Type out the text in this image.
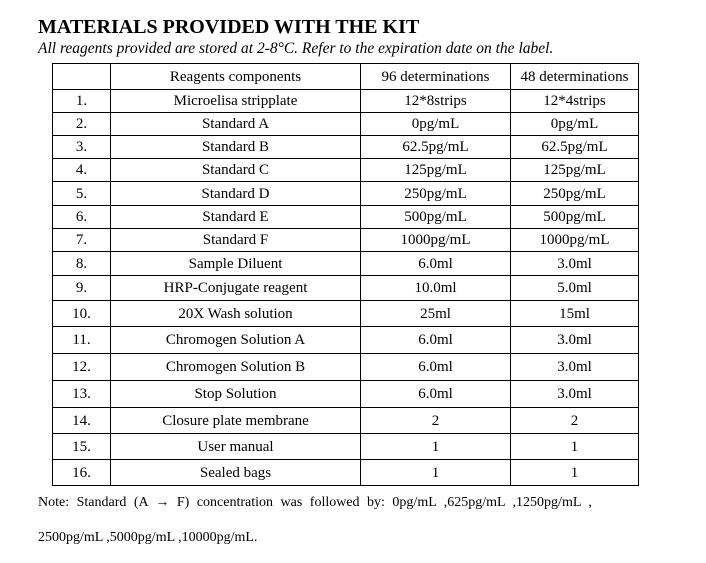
MATERIALS PROVIDED WITH THE KIT
All reagents provided are stored at 2-8°C. Refer to the expiration date on the label.
	Reagents components	96 determinations	48 determinations
1.	Microelisa stripplate	12*8strips	12*4strips
2.	Standard A	0pg/mL	0pg/mL
3.	Standard B	62.5pg/mL	62.5pg/mL
4.	Standard C	125pg/mL	125pg/mL
5.	Standard D	250pg/mL	250pg/mL
6.	Standard E	500pg/mL	500pg/mL
7.	Standard F	1000pg/mL	1000pg/mL
8.	Sample Diluent	6.0ml	3.0ml
9.	HRP-Conjugate reagent	10.0ml	5.0ml
10.	20X Wash solution	25ml	15ml
11.	Chromogen Solution A	6.0ml	3.0ml
12.	Chromogen Solution B	6.0ml	3.0ml
13.	Stop Solution	6.0ml	3.0ml
14.	Closure plate membrane	2	2
15.	User manual	1	1
16.	Sealed bags	1	1
Note: Standard (A → F) concentration was followed by: 0pg/mL ,625pg/mL ,1250pg/mL ,
2500pg/mL ,5000pg/mL ,10000pg/mL.
